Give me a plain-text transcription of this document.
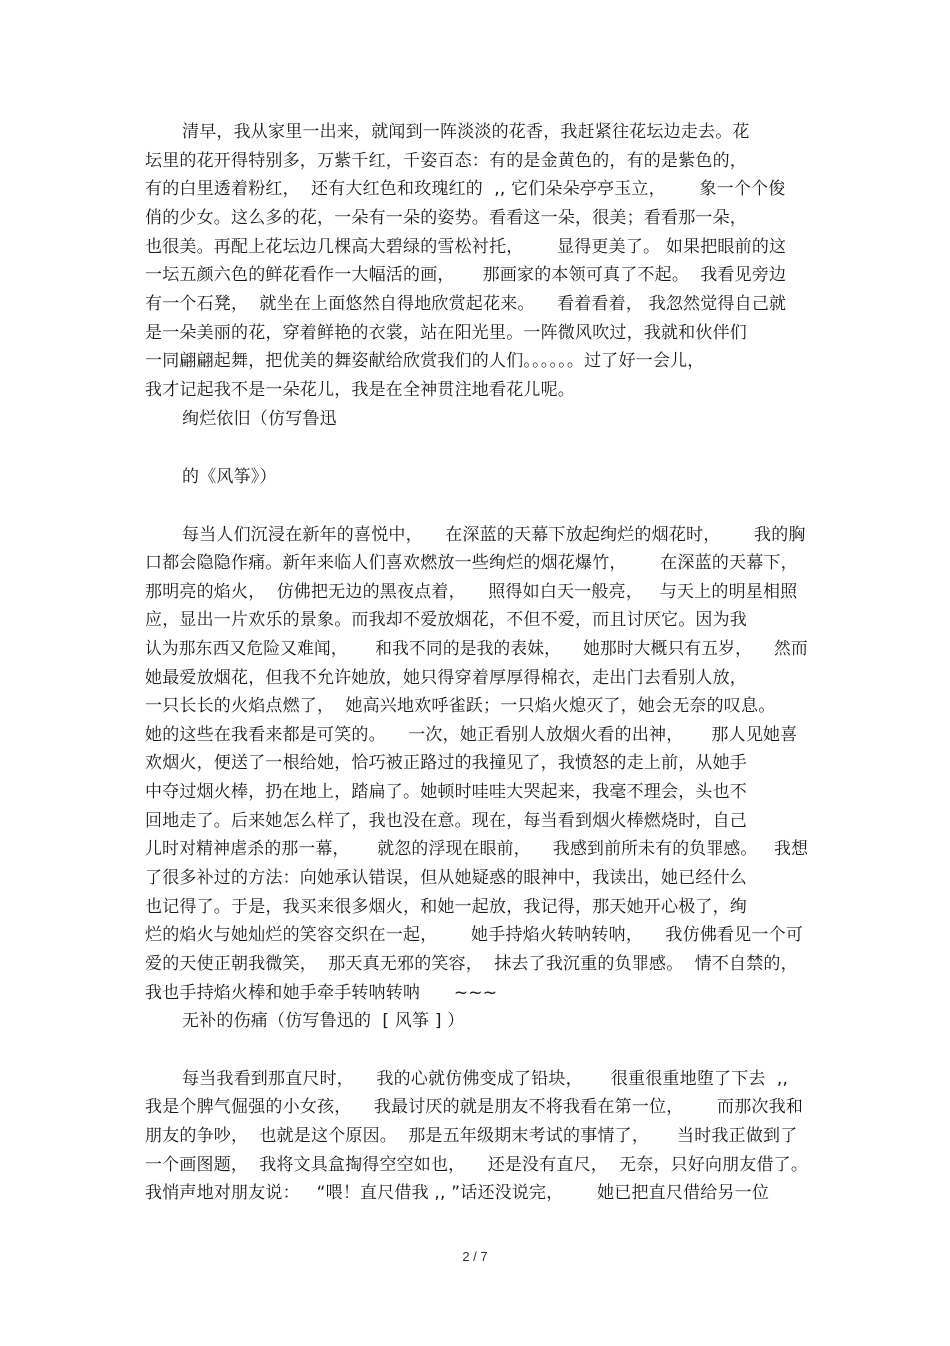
清早，我从家里一出来，就闻到一阵淡淡的花香，我赶紧往花坛边走去。花
坛里的花开得特别多，万紫千红，千姿百态：有的是金黄色的，有的是紫色的，
有的白里透着粉红，  还有大红色和玫瑰红的  ,, 它们朵朵亭亭玉立，      象一个个俊
俏的少女。这么多的花，一朵有一朵的姿势。看看这一朵，很美；看看那一朵，
也很美。再配上花坛边几棵高大碧绿的雪松衬托，      显得更美了。 如果把眼前的这
一坛五颜六色的鲜花看作一大幅活的画，     那画家的本领可真了不起。  我看见旁边
有一个石凳，  就坐在上面悠然自得地欣赏起花来。    看着看着， 我忽然觉得自己就
是一朵美丽的花，穿着鲜艳的衣裳，站在阳光里。一阵微风吹过，我就和伙伴们
一同翩翩起舞，把优美的舞姿献给欣赏我们的人们。。。。。。过了好一会儿，
我才记起我不是一朵花儿，我是在全神贯注地看花儿呢。
绚烂依旧（仿写鲁迅
的《风筝》）
每当人们沉浸在新年的喜悦中，    在深蓝的天幕下放起绚烂的烟花时，      我的胸
口都会隐隐作痛。新年来临人们喜欢燃放一些绚烂的烟花爆竹，      在深蓝的天幕下，
那明亮的焰火，  仿佛把无边的黑夜点着，    照得如白天一般亮，   与天上的明星相照
应，显出一片欢乐的景象。而我却不爱放烟花，不但不爱，而且讨厌它。因为我
认为那东西又危险又难闻，     和我不同的是我的表妹，    她那时大概只有五岁，    然而
她最爱放烟花，但我不允许她放，她只得穿着厚厚得棉衣，走出门去看别人放，
一只长长的火焰点燃了，  她高兴地欢呼雀跃；一只焰火熄灭了，她会无奈的叹息。
她的这些在我看来都是可笑的。    一次，她正看别人放烟火看的出神，     那人见她喜
欢烟火，便送了一根给她，恰巧被正路过的我撞见了，我愤怒的走上前，从她手
中夺过烟火棒，扔在地上，踏扁了。她顿时哇哇大哭起来，我毫不理会，头也不
回地走了。后来她怎么样了，我也没在意。现在，每当看到烟火棒燃烧时，自己
儿时对精神虐杀的那一幕，     就忽的浮现在眼前，    我感到前所未有的负罪感。   我想
了很多补过的方法：向她承认错误，但从她疑惑的眼神中，我读出，她已经什么
也记得了。于是，我买来很多烟火，和她一起放，我记得，那天她开心极了，绚
烂的焰火与她灿烂的笑容交织在一起，      她手持焰火转呐转呐，    我仿佛看见一个可
爱的天使正朝我微笑，  那天真无邪的笑容，  抹去了我沉重的负罪感。  情不自禁的，
我也手持焰火棒和她手牵手转呐转呐      ~~~
无补的伤痛（仿写鲁迅的  [ 风筝 ] ）
每当我看到那直尺时，    我的心就仿佛变成了铅块，     很重很重地堕了下去  ,,
我是个脾气倔强的小女孩，    我最讨厌的就是朋友不将我看在第一位，      而那次我和
朋友的争吵，  也就是这个原因。  那是五年级期末考试的事情了，     当时我正做到了
一个画图题，  我将文具盒掏得空空如也，    还是没有直尺，  无奈，只好向朋友借了。
我悄声地对朋友说：   “喂！直尺借我 ,, ”话还没说完，      她已把直尺借给另一位
2 / 7
